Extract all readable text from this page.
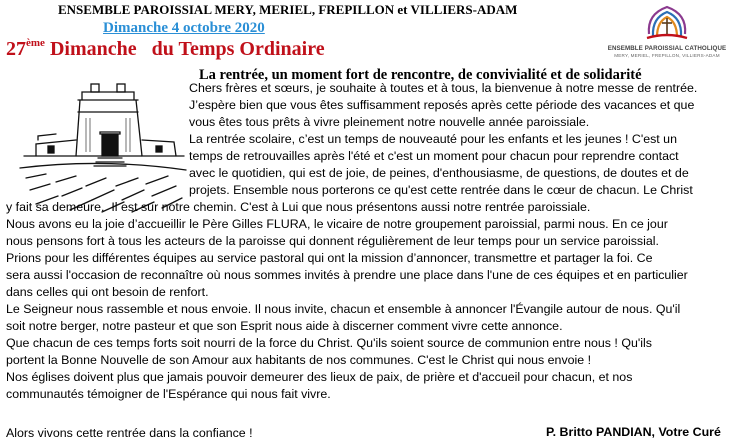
ENSEMBLE PAROISSIAL MERY, MERIEL, FREPILLON et VILLIERS-ADAM
Dimanche 4 octobre 2020
27ème Dimanche   du Temps Ordinaire
La rentrée, un moment fort de rencontre, de convivialité et de solidarité
ENSEMBLE PAROISSIAL CATHOLIQUE
MERY, MERIEL, FREPILLON, VILLIERS-ADAM
Chers frères et sœurs, je souhaite à toutes et à tous, la bienvenue à notre messe de rentrée.
J’espère bien que vous êtes suffisamment reposés après cette période des vacances et que
vous êtes tous prêts à vivre pleinement notre nouvelle année paroissiale.
La rentrée scolaire, c’est un temps de nouveauté pour les enfants et les jeunes ! C'est un
temps de retrouvailles après l'été et c'est un moment pour chacun pour reprendre contact
avec le quotidien, qui est de joie, de peines, d'enthousiasme, de questions, de doutes et de
projets. Ensemble nous porterons ce qu'est cette rentrée dans le cœur de chacun. Le Christ
y fait sa demeure.  Il est sur notre chemin. C'est à Lui que nous présentons aussi notre rentrée paroissiale.
Nous avons eu la joie d’accueillir le Père Gilles FLURA, le vicaire de notre groupement paroissial, parmi nous. En ce jour
nous pensons fort à tous les acteurs de la paroisse qui donnent régulièrement de leur temps pour un service paroissial.
Prions pour les différentes équipes au service pastoral qui ont la mission d’annoncer, transmettre et partager la foi. Ce
sera aussi l'occasion de reconnaître où nous sommes invités à prendre une place dans l'une de ces équipes et en particulier
dans celles qui ont besoin de renfort.
Le Seigneur nous rassemble et nous envoie. Il nous invite, chacun et ensemble à annoncer l'Évangile autour de nous. Qu'il
soit notre berger, notre pasteur et que son Esprit nous aide à discerner comment vivre cette annonce.
Que chacun de ces temps forts soit nourri de la force du Christ. Qu'ils soient source de communion entre nous ! Qu'ils
portent la Bonne Nouvelle de son Amour aux habitants de nos communes. C'est le Christ qui nous envoie !
Nos églises doivent plus que jamais pouvoir demeurer des lieux de paix, de prière et d'accueil pour chacun, et nos
communautés témoigner de l'Espérance qui nous fait vivre.
Alors vivons cette rentrée dans la confiance !	P. Britto PANDIAN, Votre Curé
